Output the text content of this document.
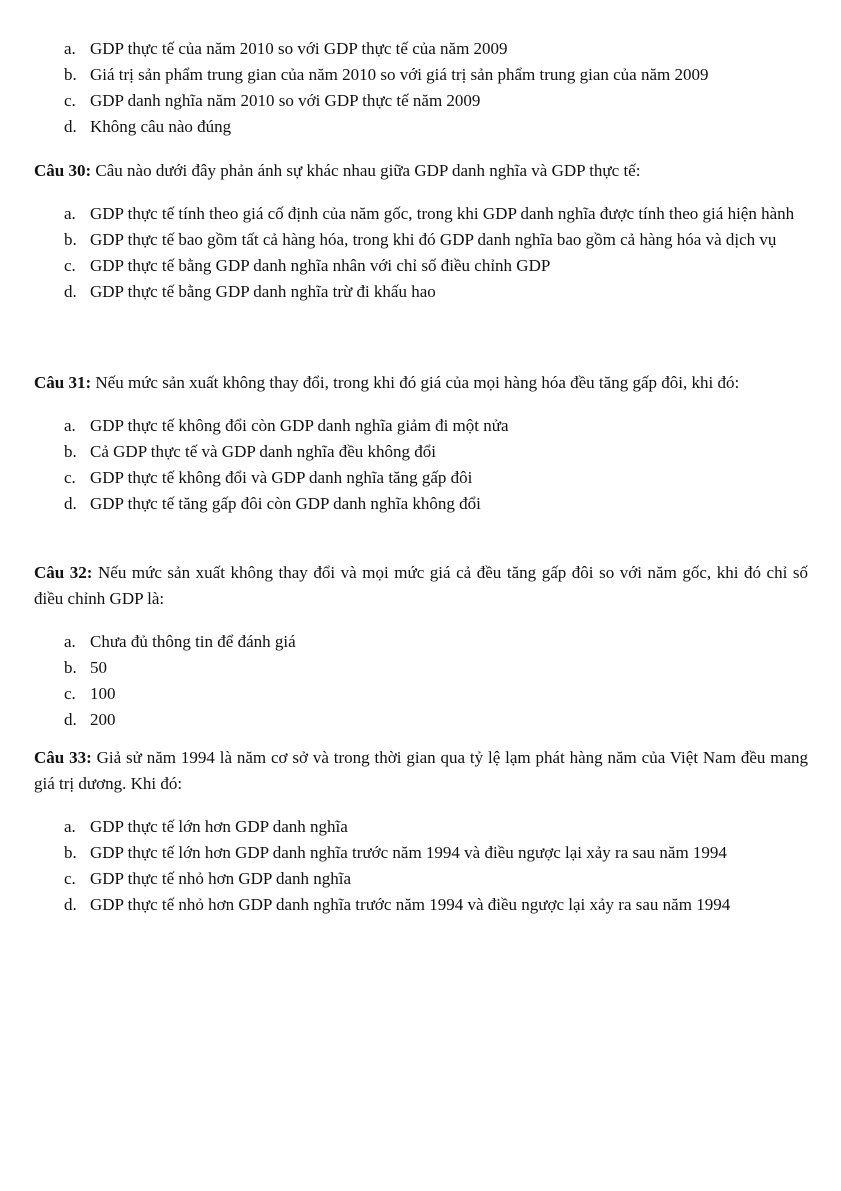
a. GDP thực tế của năm 2010 so với GDP thực tế của năm 2009
b. Giá trị sản phẩm trung gian của năm 2010 so với giá trị sản phẩm trung gian của năm 2009
c. GDP danh nghĩa năm 2010 so với GDP thực tế năm 2009
d. Không câu nào đúng

Câu 30: Câu nào dưới đây phản ánh sự khác nhau giữa GDP danh nghĩa và GDP thực tế:

a. GDP thực tế tính theo giá cố định của năm gốc, trong khi GDP danh nghĩa được tính theo giá hiện hành
b. GDP thực tế bao gồm tất cả hàng hóa, trong khi đó GDP danh nghĩa bao gồm cả hàng hóa và dịch vụ
c. GDP thực tế bằng GDP danh nghĩa nhân với chỉ số điều chỉnh GDP
d. GDP thực tế bằng GDP danh nghĩa trừ đi khấu hao

Câu 31: Nếu mức sản xuất không thay đổi, trong khi đó giá của mọi hàng hóa đều tăng gấp đôi, khi đó:

a. GDP thực tế không đổi còn GDP danh nghĩa giảm đi một nửa
b. Cả GDP thực tế và GDP danh nghĩa đều không đổi
c. GDP thực tế không đổi và GDP danh nghĩa tăng gấp đôi
d. GDP thực tế tăng gấp đôi còn GDP danh nghĩa không đổi

Câu 32: Nếu mức sản xuất không thay đổi và mọi mức giá cả đều tăng gấp đôi so với năm gốc, khi đó chỉ số điều chỉnh GDP là:

a. Chưa đủ thông tin để đánh giá
b. 50
c. 100
d. 200

Câu 33: Giả sử năm 1994 là năm cơ sở và trong thời gian qua tỷ lệ lạm phát hàng năm của Việt Nam đều mang giá trị dương. Khi đó:

a. GDP thực tế lớn hơn GDP danh nghĩa
b. GDP thực tế lớn hơn GDP danh nghĩa trước năm 1994 và điều ngược lại xảy ra sau năm 1994
c. GDP thực tế nhỏ hơn GDP danh nghĩa
d. GDP thực tế nhỏ hơn GDP danh nghĩa trước năm 1994 và điều ngược lại xảy ra sau năm 1994
